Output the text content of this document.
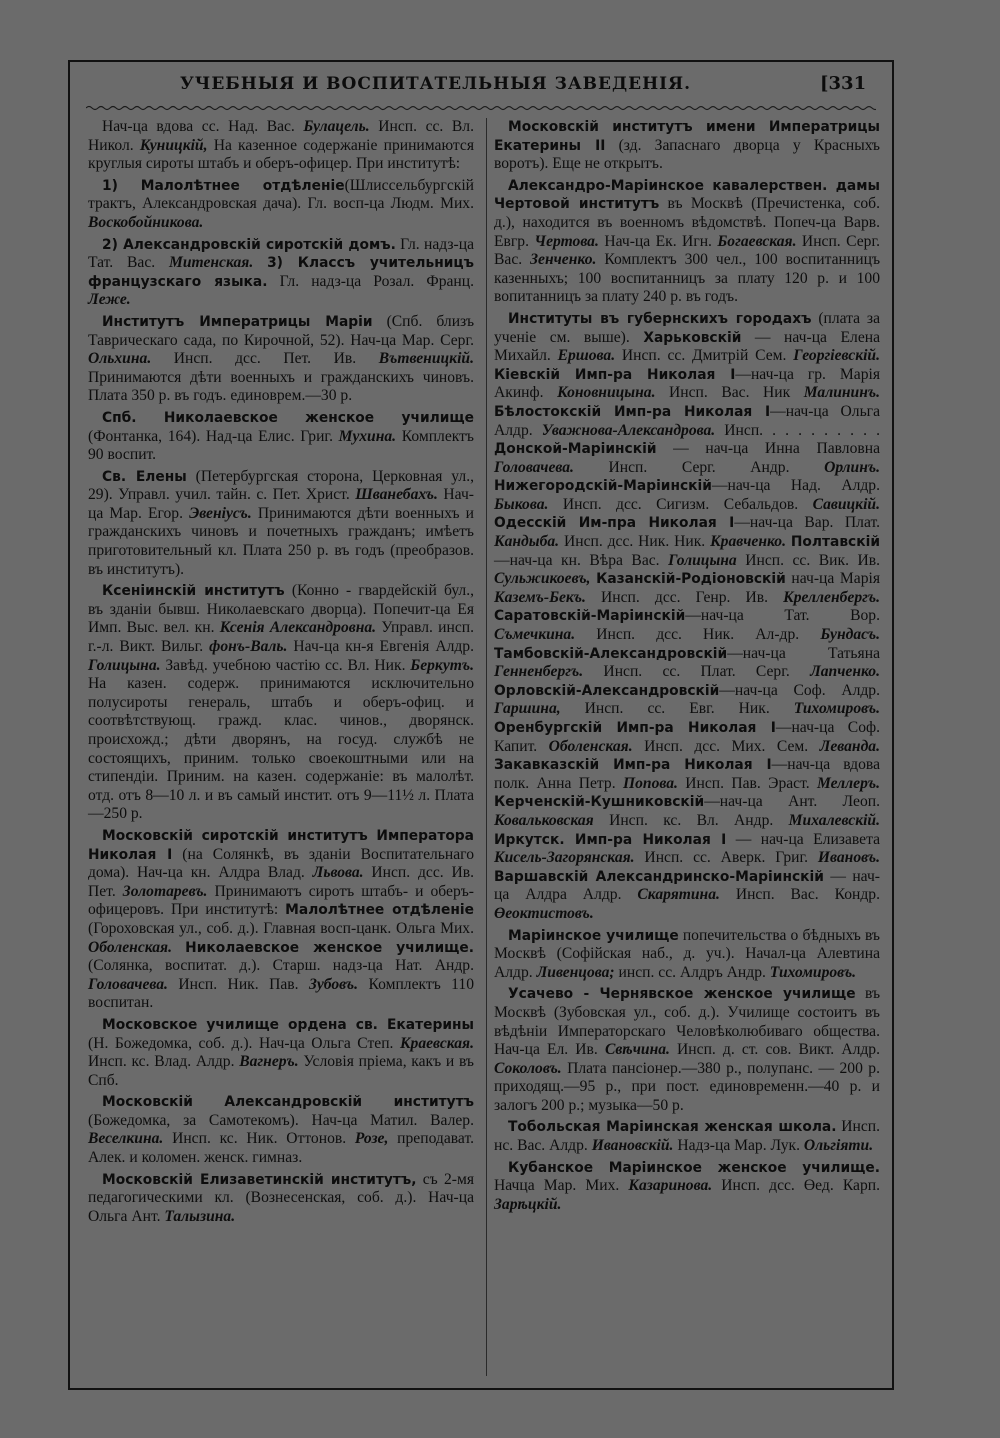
УЧЕБНЫЯ И ВОСПИТАТЕЛЬНЫЯ ЗАВЕДЕНІЯ.	[331

Нач-ца вдова сс. Над. Вас. Булацель. Инсп. сс. Вл. Никол. Куницкій, На казенное содержаніе принимаются круглыя сироты штабъ и оберъ-офицер. При институтѣ:

1) Малолѣтнее отдѣленіе(Шлиссельбургскій трактъ, Александровская дача). Гл. восп-ца Людм. Мих. Воскобойникова.

2) Александровскій сиротскій домъ. Гл. надз-ца Тат. Вас. Митенская. 3) Классъ учительницъ французскаго языка. Гл. надз-ца Розал. Франц. Леже.

Институтъ Императрицы Маріи (Спб. близъ Таврическаго сада, по Кирочной, 52). Нач-ца Мар. Серг. Ольхина. Инсп. дсс. Пет. Ив. Вътвеницкій. Принимаются дѣти военныхъ и гражданскихъ чиновъ. Плата 350 р. въ годъ. единоврем.—30 р.

Спб. Николаевское женское училище (Фонтанка, 164). Над-ца Елис. Григ. Мухина. Комплектъ 90 воспит.

Св. Елены (Петербургская сторона, Церковная ул., 29). Управл. учил. тайн. с. Пет. Христ. Шванебахъ. Нач-ца Мар. Егор. Эвеніусъ. Принимаются дѣти военныхъ и гражданскихъ чиновъ и почетныхъ гражданъ; имѣетъ приготовительный кл. Плата 250 р. въ годъ (преобразов. въ институтъ).

Ксеніинскій институтъ (Конно - гвардейскій бул., въ зданіи бывш. Николаевскаго дворца). Попечит-ца Ея Имп. Выс. вел. кн. Ксенія Александровна. Управл. инсп. г.-л. Викт. Вильг. фонъ-Валь. Нач-ца кн-я Евгенія Алдр. Голицына. Завѣд. учебною частію сс. Вл. Ник. Беркутъ. На казен. содерж. принимаются исключительно полусироты генераль, штабъ и оберъ-офиц. и соотвѣтствующ. гражд. клас. чинов., дворянск. происхожд.; дѣти дворянъ, на госуд. службѣ не состоящихъ, приним. только своекоштными или на стипендіи. Приним. на казен. содержаніе: въ малолѣт. отд. отъ 8—10 л. и въ самый инстит. отъ 9—11½ л. Плата—250 р.

Московскій сиротскій институтъ Императора Николая I (на Солянкѣ, въ зданіи Воспитательнаго дома). Нач-ца кн. Алдра Влад. Львова. Инсп. дсс. Ив. Пет. Золотаревъ. Принимаютъ сиротъ штабъ- и оберъ-офицеровъ. При институтѣ: Малолѣтнее отдѣленіе (Гороховская ул., соб. д.). Главная восп-цанк. Ольга Мих. Оболенская. Николаевское женское училище. (Солянка, воспитат. д.). Старш. надз-ца Нат. Андр. Головачева. Инсп. Ник. Пав. Зубовъ. Комплектъ 110 воспитан.

Московское училище ордена св. Екатерины (Н. Божедомка, соб. д.). Нач-ца Ольга Степ. Краевская. Инсп. кс. Влад. Алдр. Вагнеръ. Условія пріема, какъ и въ Спб.

Московскій Александровскій институтъ (Божедомка, за Самотекомъ). Нач-ца Матил. Валер. Веселкина. Инсп. кс. Ник. Оттонов. Розе, преподават. Алек. и коломен. женск. гимназ.

Московскій Елизаветинскій институтъ, съ 2-мя педагогическими кл. (Вознесенская, соб. д.). Нач-ца Ольга Ант. Талызина.

Московскій институтъ имени Императрицы Екатерины II (зд. Запаснаго дворца у Красныхъ воротъ). Еще не открытъ.

Александро-Маріинское кавалерствен. дамы Чертовой институтъ въ Москвѣ (Пречистенка, соб. д.), находится въ военномъ вѣдомствѣ. Попеч-ца Варв. Евгр. Чертова. Нач-ца Ек. Игн. Богаевская. Инсп. Серг. Вас. Зенченко. Комплектъ 300 чел., 100 воспитанницъ казенныхъ; 100 воспитанницъ за плату 120 р. и 100 вопитанницъ за плату 240 р. въ годъ.

Институты въ губернскихъ городахъ (плата за ученіе см. выше). Харьковскій — нач-ца Елена Михайл. Ершова. Инсп. сс. Дмитрій Сем. Георгіевскій. Кіевскій Имп-ра Николая I—нач-ца гр. Марія Акинф. Коновницына. Инсп. Вас. Ник Малининъ. Бѣлостокскій Имп-ра Николая I—нач-ца Ольга Алдр. Уважнова-Александрова. Инсп. . . . . . . . . . Донской-Маріинскій — нач-ца Инна Павловна Головачева. Инсп. Серг. Андр. Орлинъ. Нижегородскій-Маріинскій—нач-ца Над. Алдр. Быкова. Инсп. дсс. Сигизм. Себальдов. Савицкій. Одесскій Им-пра Николая I—нач-ца Вар. Плат. Кандыба. Инсп. дсс. Ник. Ник. Кравченко. Полтавскій—нач-ца кн. Вѣра Вас. Голицына Инсп. сс. Вик. Ив. Сульжикоевъ, Казанскій-Родіоновскій нач-ца Марія Каземъ-Бекъ. Инсп. дсс. Генр. Ив. Крелленбергъ. Саратовскій-Маріинскій—нач-ца Тат. Вор. Съмечкина. Инсп. дсс. Ник. Ал-др. Бундасъ. Тамбовскій-Александровскій—нач-ца Татьяна Генненбергъ. Инсп. сс. Плат. Серг. Лапченко. Орловскій-Александровскій—нач-ца Соф. Алдр. Гаршина, Инсп. сс. Евг. Ник. Тихомировъ. Оренбургскій Имп-ра Николая I—нач-ца Соф. Капит. Оболенская. Инсп. дсс. Мих. Сем. Леванда. Закавказскій Имп-ра Николая I—нач-ца вдова полк. Анна Петр. Попова. Инсп. Пав. Эраст. Меллеръ. Керченскій-Кушниковскій—нач-ца Ант. Леоп. Ковальковская Инсп. кс. Вл. Андр. Михалевскій. Иркутск. Имп-ра Николая I — нач-ца Елизавета Кисель-Загорянская. Инсп. сс. Аверк. Григ. Ивановъ. Варшавскій Александринско-Маріинскій — нач-ца Алдра Алдр. Скарятина. Инсп. Вас. Кондр. Өеоктистовъ.

Маріинское училище попечительства о бѣдныхъ въ Москвѣ (Софійская наб., д. уч.). Начал-ца Алевтина Алдр. Ливенцова; инсп. сс. Алдръ Андр. Тихомировъ.

Усачево - Чернявское женское училище въ Москвѣ (Зубовская ул., соб. д.). Училище состоитъ въ вѣдѣніи Императорскаго Человѣколюбиваго общества. Нач-ца Ел. Ив. Свѣчина. Инсп. д. ст. сов. Викт. Алдр. Соколовъ. Плата пансіонер.—380 р., полупанс. — 200 р. приходящ.—95 р., при пост. единовременн.—40 р. и залогъ 200 р.; музыка—50 р.

Тобольская Маріинская женская школа. Инсп. нс. Вас. Алдр. Ивановскій. Надз-ца Мар. Лук. Ольгіяти.

Кубанское Маріинское женское училище. Начца Мар. Мих. Казаринова. Инсп. дсс. Өед. Карп. Зарѣцкій.
